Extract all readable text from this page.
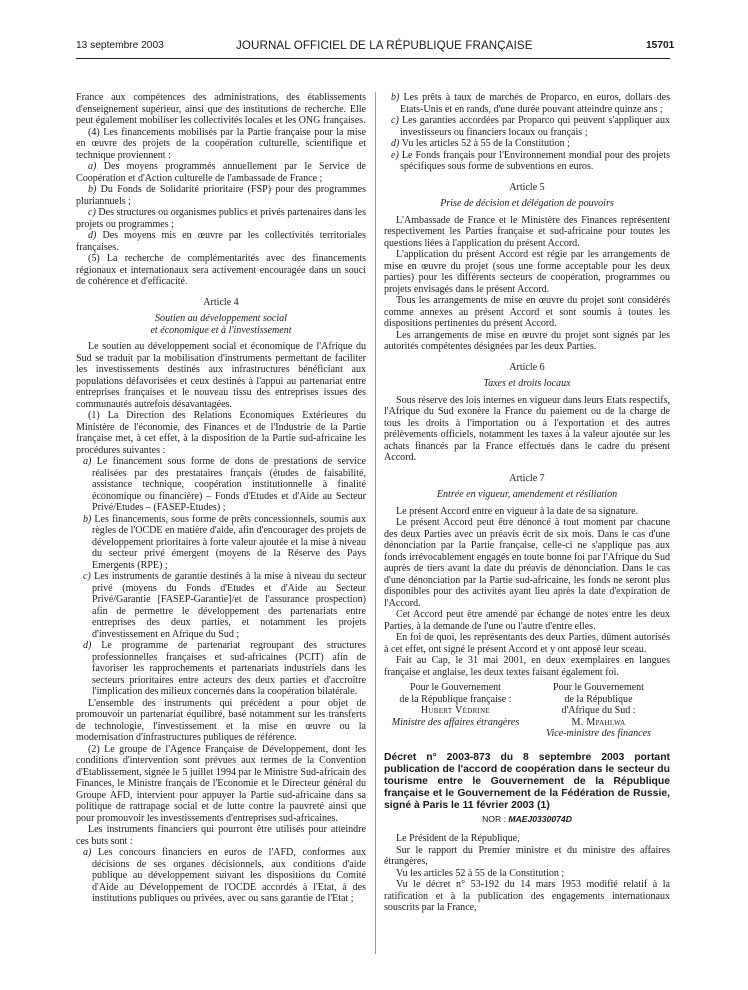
13 septembre 2003	JOURNAL OFFICIEL DE LA RÉPUBLIQUE FRANÇAISE	15701

France aux compétences des administrations, des établissements d'enseignement supérieur, ainsi que des institutions de recherche. Elle peut également mobiliser les collectivités locales et les ONG françaises.

(4) Les financements mobilisés par la Partie française pour la mise en œuvre des projets de la coopération culturelle, scientifique et technique proviennent :

a) Des moyens programmés annuellement par le Service de Coopération et d'Action culturelle de l'ambassade de France ;

b) Du Fonds de Solidarité prioritaire (FSP) pour des programmes pluriannuels ;

c) Des structures ou organismes publics et privés partenaires dans les projets ou programmes ;

d) Des moyens mis en œuvre par les collectivités territoriales françaises.

(5) La recherche de complémentarités avec des financements régionaux et internationaux sera activement encouragée dans un souci de cohérence et d'efficacité.

Article 4
Soutien au développement social
et économique et à l'investissement

Le soutien au développement social et économique de l'Afrique du Sud se traduit par la mobilisation d'instruments permettant de faciliter les investissements destinés aux infrastructures bénéficiant aux populations défavorisées et ceux destinés à l'appui au partenariat entre entreprises françaises et le nouveau tissu des entreprises issues des communautés autrefois désavantagées.

(1) La Direction des Relations Economiques Extérieures du Ministère de l'économie, des Finances et de l'Industrie de la Partie française met, à cet effet, à la disposition de la Partie sud-africaine les procédures suivantes :

a) Le financement sous forme de dons de prestations de service réalisées par des prestataires français (études de faisabilité, assistance technique, coopération institutionnelle à finalité économique ou financière) – Fonds d'Etudes et d'Aide au Secteur Privé/Etudes – (FASEP-Etudes) ;

b) Les financements, sous forme de prêts concessionnels, soumis aux règles de l'OCDE en matière d'aide, afin d'encourager des projets de développement prioritaires à forte valeur ajoutée et la mise à niveau du secteur privé émergent (moyens de la Réserve des Pays Emergents (RPE) ;

c) Les instruments de garantie destinés à la mise à niveau du secteur privé (moyens du Fonds d'Etudes et d'Aide au Secteur Privé/Garantie [FASEP-Garantie]/et de l'assurance prospection) afin de permettre le développement des partenariats entre entreprises des deux parties, et notamment les projets d'investissement en Afrique du Sud ;

d) Le programme de partenariat regroupant des structures professionnelles françaises et sud-africaines (PCIT) afin de favoriser les rapprochements et partenariats industriels dans les secteurs prioritaires entre acteurs des deux parties et d'accroître l'implication des milieux concernés dans la coopération bilatérale.

L'ensemble des instruments qui précèdent a pour objet de promouvoir un partenariat équilibré, basé notamment sur les transferts de technologie, l'investissement et la mise en œuvre ou la modernisation d'infrastructures publiques de référence.

(2) Le groupe de l'Agence Française de Développement, dont les conditions d'intervention sont prévues aux termes de la Convention d'Etablissement, signée le 5 juillet 1994 par le Ministre Sud-africain des Finances, le Ministre français de l'Economie et le Directeur général du Groupe AFD, intervient pour appuyer la Partie sud-africaine dans sa politique de rattrapage social et de lutte contre la pauvreté ainsi que pour promouvoir les investissements d'entreprises sud-africaines.

Les instruments financiers qui pourront être utilisés pour atteindre ces buts sont :

a) Les concours financiers en euros de l'AFD, conformes aux décisions de ses organes décisionnels, aux conditions d'aide publique au développement suivant les dispositions du Comité d'Aide au Développement de l'OCDE accordés à l'Etat, à des institutions publiques ou privées, avec ou sans garantie de l'Etat ;

b) Les prêts à taux de marchés de Proparco, en euros, dollars des Etats-Unis et en rands, d'une durée pouvant atteindre quinze ans ;

c) Les garanties accordées par Proparco qui peuvent s'appliquer aux investisseurs ou financiers locaux ou français ;

d) Vu les articles 52 à 55 de la Constitution ;

e) Le Fonds français pour l'Environnement mondial pour des projets spécifiques sous forme de subventions en euros.

Article 5
Prise de décision et délégation de pouvoirs

L'Ambassade de France et le Ministère des Finances représentent respectivement les Parties française et sud-africaine pour toutes les questions liées à l'application du présent Accord.

L'application du présent Accord est régie par les arrangements de mise en œuvre du projet (sous une forme acceptable pour les deux parties) pour les différents secteurs de coopération, programmes ou projets envisagés dans le présent Accord.

Tous les arrangements de mise en œuvre du projet sont considérés comme annexes au présent Accord et sont soumis à toutes les dispositions pertinentes du présent Accord.

Les arrangements de mise en œuvre du projet sont signés par les autorités compétentes désignées par les deux Parties.

Article 6
Taxes et droits locaux

Sous réserve des lois internes en vigueur dans leurs Etats respectifs, l'Afrique du Sud exonère la France du paiement ou de la charge de tous les droits à l'importation ou à l'exportation et des autres prélèvements officiels, notamment les taxes à la valeur ajoutée sur les achats financés par la France effectués dans le cadre du présent Accord.

Article 7
Entrée en vigueur, amendement et résiliation

Le présent Accord entre en vigueur à la date de sa signature.

Le présent Accord peut être dénoncé à tout moment par chacune des deux Parties avec un préavis écrit de six mois. Dans le cas d'une dénonciation par la Partie française, celle-ci ne s'applique pas aux fonds irrévocablement engagés en toute bonne foi par l'Afrique du Sud auprès de tiers avant la date du préavis de dénonciation. Dans le cas d'une dénonciation par la Partie sud-africaine, les fonds ne seront plus disponibles pour des activités ayant lieu après la date d'expiration de l'Accord.

Cet Accord peut être amendé par échange de notes entre les deux Parties, à la demande de l'une ou l'autre d'entre elles.

En foi de quoi, les représentants des deux Parties, dûment autorisés à cet effet, ont signé le présent Accord et y ont apposé leur sceau.

Fait au Cap, le 31 mai 2001, en deux exemplaires en langues française et anglaise, les deux textes faisant également foi.

Pour le Gouvernement
de la République française :
Hubert Védrine
Ministre des affaires étrangères
Pour le Gouvernement
de la République
d'Afrique du Sud :
M. Mpahlwa
Vice-ministre des finances

Décret n° 2003-873 du 8 septembre 2003 portant publication de l'accord de coopération dans le secteur du tourisme entre le Gouvernement de la République française et le Gouvernement de la Fédération de Russie, signé à Paris le 11 février 2003 (1)

NOR : MAEJ0330074D

Le Président de la République,

Sur le rapport du Premier ministre et du ministre des affaires étrangères,

Vu les articles 52 à 55 de la Constitution ;

Vu le décret n° 53-192 du 14 mars 1953 modifié relatif à la ratification et à la publication des engagements internationaux souscrits par la France,
